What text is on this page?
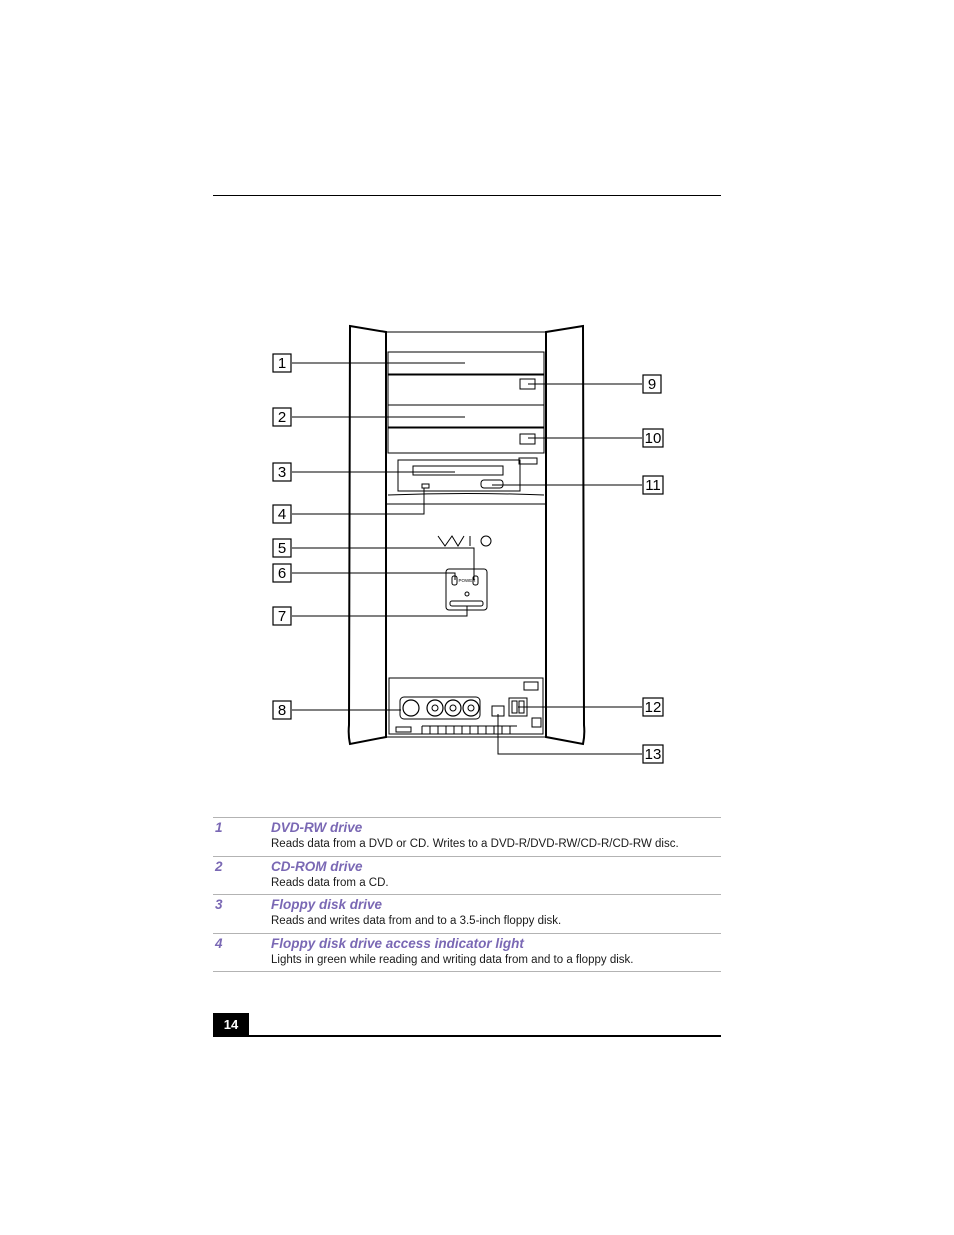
POWER
1
2
3
4
5
6
7
8
9
10
11
12
13
1	DVD-RW drive
Reads data from a DVD or CD. Writes to a DVD-R/DVD-RW/CD-R/CD-RW disc.
2	CD-ROM drive
Reads data from a CD.
3	Floppy disk drive
Reads and writes data from and to a 3.5-inch floppy disk.
4	Floppy disk drive access indicator light
Lights in green while reading and writing data from and to a floppy disk.
14
